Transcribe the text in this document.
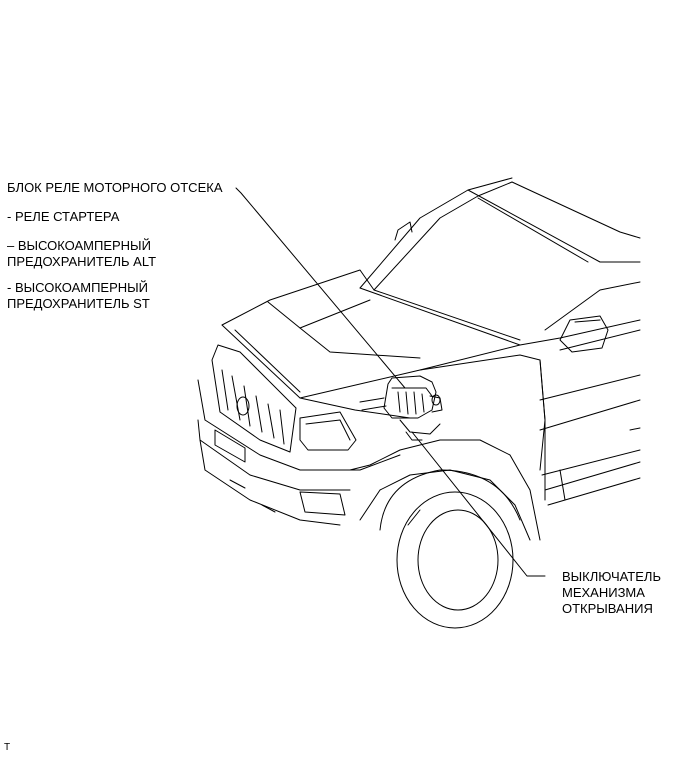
БЛОК РЕЛЕ МОТОРНОГО ОТСЕКА
- РЕЛЕ СТАРТЕРА
– ВЫСОКОАМПЕРНЫЙ
ПРЕДОХРАНИТЕЛЬ ALT
- ВЫСОКОАМПЕРНЫЙ
ПРЕДОХРАНИТЕЛЬ ST
ВЫКЛЮЧАТЕЛЬ
МЕХАНИЗМА
ОТКРЫВАНИЯ
T
